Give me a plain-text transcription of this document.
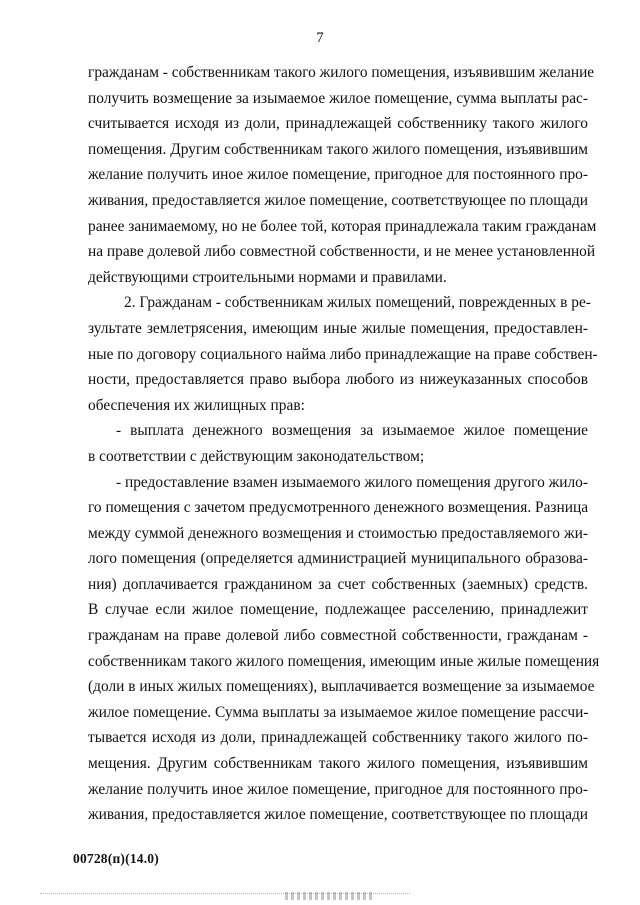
7
гражданам - собственникам такого жилого помещения, изъявившим желание
получить возмещение за изымаемое жилое помещение, сумма выплаты рас-
считывается исходя из доли, принадлежащей собственнику такого жилого
помещения. Другим собственникам такого жилого помещения, изъявившим
желание получить иное жилое помещение, пригодное для постоянного про-
живания, предоставляется жилое помещение, соответствующее по площади
ранее занимаемому, но не более той, которая принадлежала таким гражданам
на праве долевой либо совместной собственности, и не менее установленной
действующими строительными нормами и правилами.
2. Гражданам - собственникам жилых помещений, поврежденных в ре-
зультате землетрясения, имеющим иные жилые помещения, предоставлен-
ные по договору социального найма либо принадлежащие на праве собствен-
ности, предоставляется право выбора любого из нижеуказанных способов
обеспечения их жилищных прав:
- выплата денежного возмещения за изымаемое жилое помещение
в соответствии с действующим законодательством;
- предоставление взамен изымаемого жилого помещения другого жило-
го помещения с зачетом предусмотренного денежного возмещения. Разница
между суммой денежного возмещения и стоимостью предоставляемого жи-
лого помещения (определяется администрацией муниципального образова-
ния) доплачивается гражданином за счет собственных (заемных) средств.
В случае если жилое помещение, подлежащее расселению, принадлежит
гражданам на праве долевой либо совместной собственности, гражданам -
собственникам такого жилого помещения, имеющим иные жилые помещения
(доли в иных жилых помещениях), выплачивается возмещение за изымаемое
жилое помещение. Сумма выплаты за изымаемое жилое помещение рассчи-
тывается исходя из доли, принадлежащей собственнику такого жилого по-
мещения. Другим собственникам такого жилого помещения, изъявившим
желание получить иное жилое помещение, пригодное для постоянного про-
живания, предоставляется жилое помещение, соответствующее по площади
00728(п)(14.0)
